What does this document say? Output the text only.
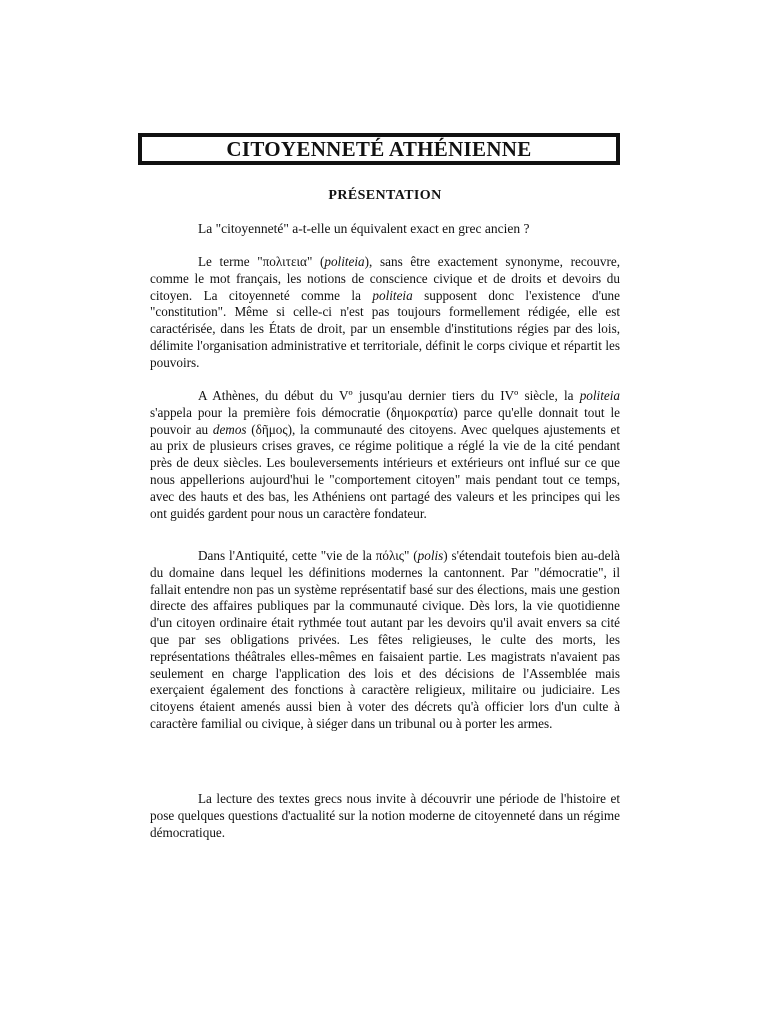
CITOYENNETÉ ATHÉNIENNE

PRÉSENTATION

La "citoyenneté" a-t-elle un équivalent exact en grec ancien ?

Le terme "πολιτεια" (politeia), sans être exactement synonyme, recouvre, comme le mot français, les notions de conscience civique et de droits et devoirs du citoyen. La citoyenneté comme la politeia supposent donc l'existence d'une "constitution". Même si celle-ci n'est pas toujours formellement rédigée, elle est caractérisée, dans les États de droit, par un ensemble d'institutions régies par des lois, délimite l'organisation administrative et territoriale, définit le corps civique et répartit les pouvoirs.

A Athènes, du début du Vº jusqu'au dernier tiers du IVº siècle, la politeia s'appela pour la première fois démocratie (δημοκρατία) parce qu'elle donnait tout le pouvoir au demos (δῆμος), la communauté des citoyens. Avec quelques ajustements et au prix de plusieurs crises graves, ce régime politique a réglé la vie de la cité pendant près de deux siècles. Les bouleversements intérieurs et extérieurs ont influé sur ce que nous appellerions aujourd'hui le "comportement citoyen" mais pendant tout ce temps, avec des hauts et des bas, les Athéniens ont partagé des valeurs et les principes qui les ont guidés gardent pour nous un caractère fondateur.

Dans l'Antiquité, cette "vie de la πόλις" (polis) s'étendait toutefois bien au-delà du domaine dans lequel les définitions modernes la cantonnent. Par "démocratie", il fallait entendre non pas un système représentatif basé sur des élections, mais une gestion directe des affaires publiques par la communauté civique. Dès lors, la vie quotidienne d'un citoyen ordinaire était rythmée tout autant par les devoirs qu'il avait envers sa cité que par ses obligations privées. Les fêtes religieuses, le culte des morts, les représentations théâtrales elles-mêmes en faisaient partie. Les magistrats n'avaient pas seulement en charge l'application des lois et des décisions de l'Assemblée mais exerçaient également des fonctions à caractère religieux, militaire ou judiciaire. Les citoyens étaient amenés aussi bien à voter des décrets qu'à officier lors d'un culte à caractère familial ou civique, à siéger dans un tribunal ou à porter les armes.

La lecture des textes grecs nous invite à découvrir une période de l'histoire et pose quelques questions d'actualité sur la notion moderne de citoyenneté dans un régime démocratique.
